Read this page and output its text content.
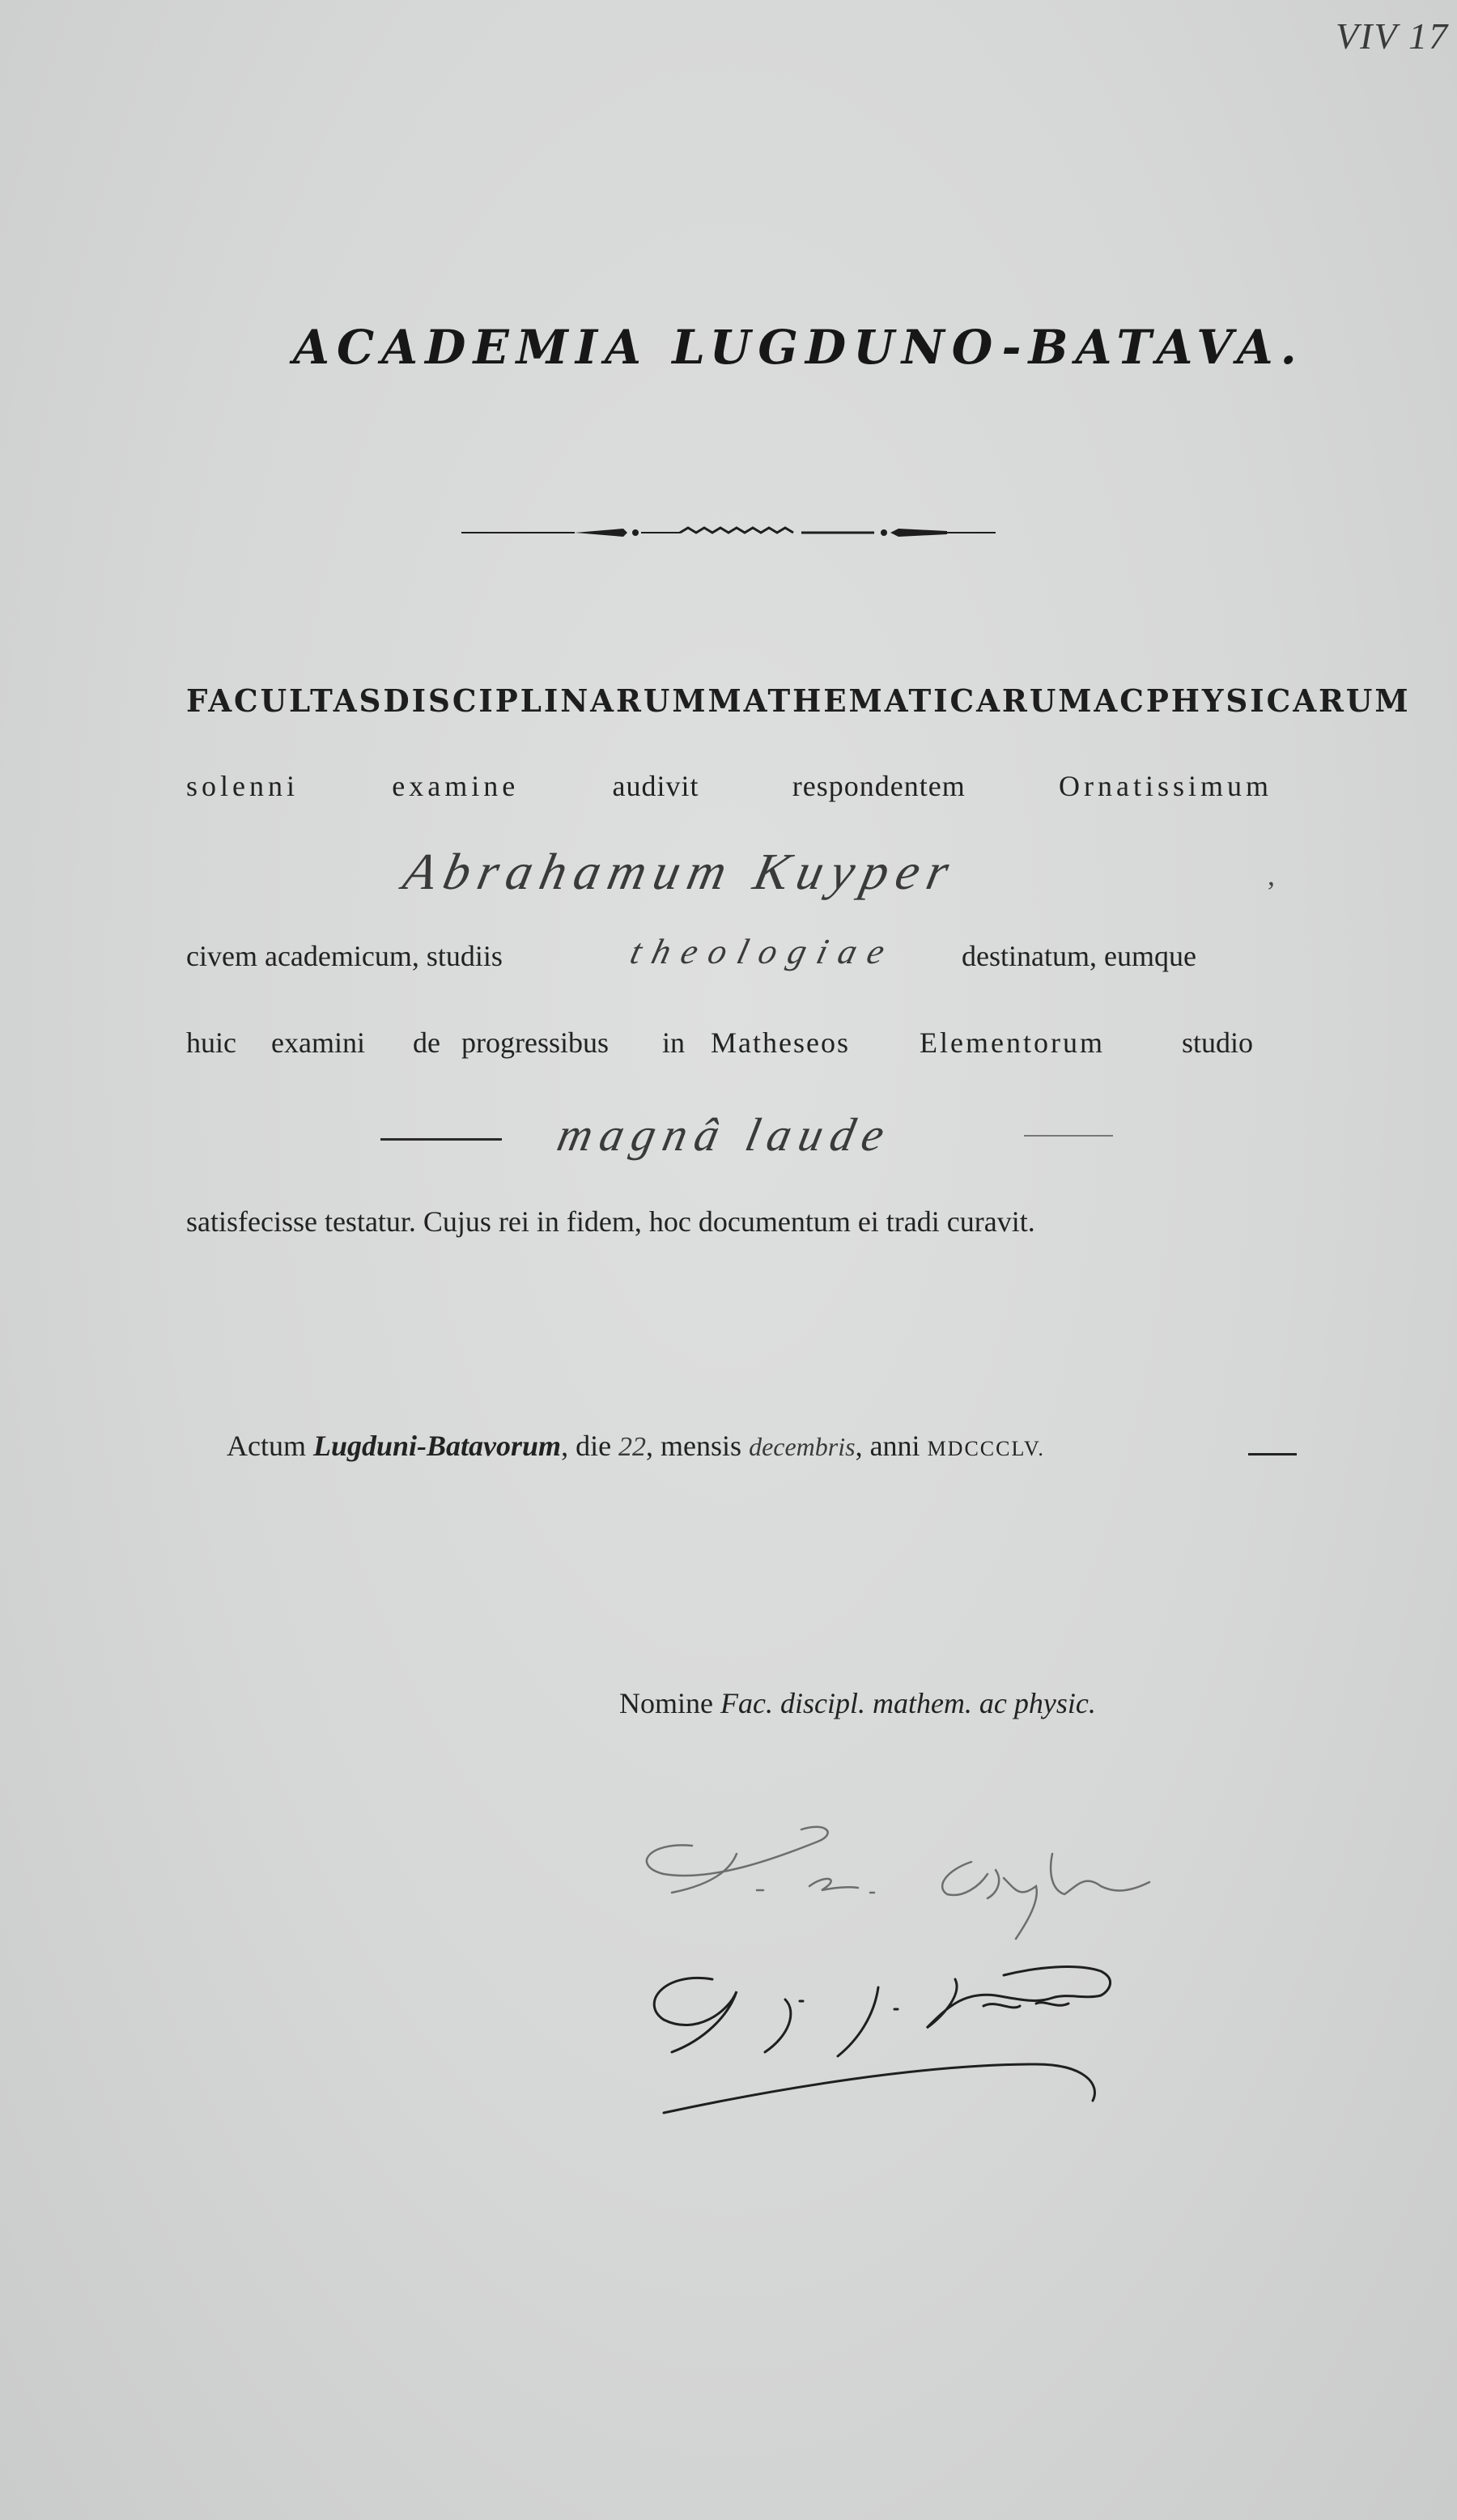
VIV 17
ACADEMIA LUGDUNO-BATAVA.
FACULTAS DISCIPLINARUM MATHEMATICARUM AC PHYSICARUM
solenni	examine	audivit	respondentem	Ornatissimum
Abrahamum Kuyper	,
civem academicum, studiis	destinatum, eumque
theologiae
huic examini de progressibus in Matheseos Elementorum	studio
magnâ laude
satisfecisse testatur. Cujus rei in fidem, hoc documentum ei tradi curavit.
Actum Lugduni-Batavorum, die 22, mensis decembris, anni MDCCCLV.
Nomine Fac. discipl. mathem. ac physic.
